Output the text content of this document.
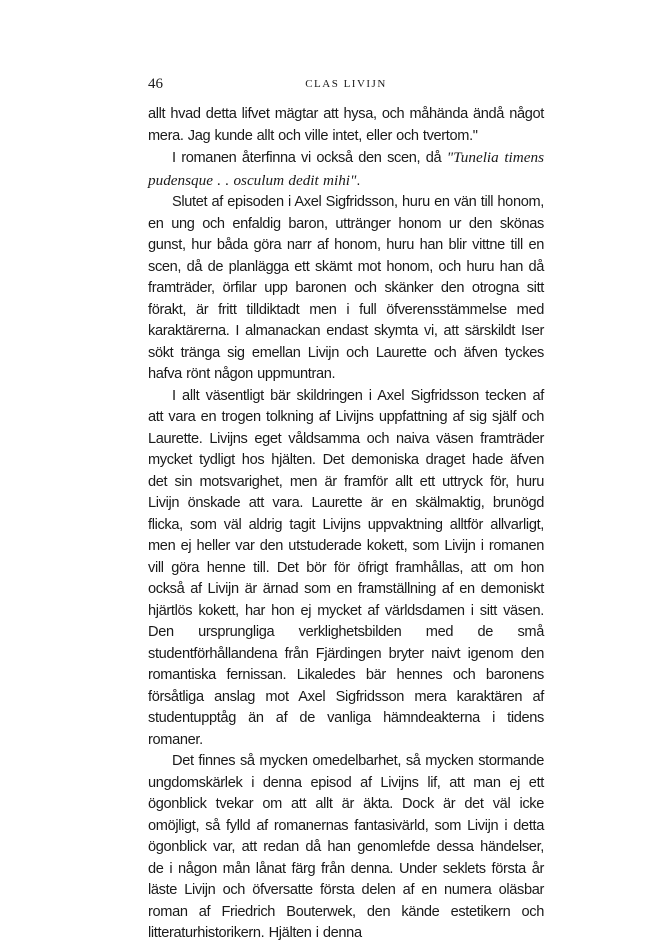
46	CLAS LIVIJN

allt hvad detta lifvet mägtar att hysa, och måhända ändå något mera. Jag kunde allt och ville intet, eller och tvertom."

I romanen återfinna vi också den scen, då "Tunelia timens pudensque . . osculum dedit mihi".

Slutet af episoden i Axel Sigfridsson, huru en vän till honom, en ung och enfaldig baron, uttränger honom ur den skönas gunst, hur båda göra narr af honom, huru han blir vittne till en scen, då de planlägga ett skämt mot honom, och huru han då framträder, örfilar upp baronen och skänker den otrogna sitt förakt, är fritt tilldiktadt men i full öfverensstämmelse med karaktärerna. I almanackan endast skymta vi, att särskildt Iser sökt tränga sig emellan Livijn och Laurette och äfven tyckes hafva rönt någon uppmuntran.

I allt väsentligt bär skildringen i Axel Sigfridsson tecken af att vara en trogen tolkning af Livijns uppfattning af sig själf och Laurette. Livijns eget våldsamma och naiva väsen framträder mycket tydligt hos hjälten. Det demoniska draget hade äfven det sin motsvarighet, men är framför allt ett uttryck för, huru Livijn önskade att vara. Laurette är en skälmaktig, brunögd flicka, som väl aldrig tagit Livijns uppvaktning alltför allvarligt, men ej heller var den utstuderade kokett, som Livijn i romanen vill göra henne till. Det bör för öfrigt framhållas, att om hon också af Livijn är ärnad som en framställning af en demoniskt hjärtlös kokett, har hon ej mycket af världsdamen i sitt väsen. Den ursprungliga verklighetsbilden med de små studentförhållandena från Fjärdingen bryter naivt igenom den romantiska fernissan. Likaledes bär hennes och baronens försåtliga anslag mot Axel Sigfridsson mera karaktären af studentupptåg än af de vanliga hämndeakterna i tidens romaner.

Det finnes så mycken omedelbarhet, så mycken stormande ungdomskärlek i denna episod af Livijns lif, att man ej ett ögonblick tvekar om att allt är äkta. Dock är det väl icke omöjligt, så fylld af romanernas fantasivärld, som Livijn i detta ögonblick var, att redan då han genomlefde dessa händelser, de i någon mån lånat färg från denna. Under seklets första år läste Livijn och öfversatte första delen af en numera oläsbar roman af Friedrich Bouterwek, den kände estetikern och litteraturhistorikern. Hjälten i denna
